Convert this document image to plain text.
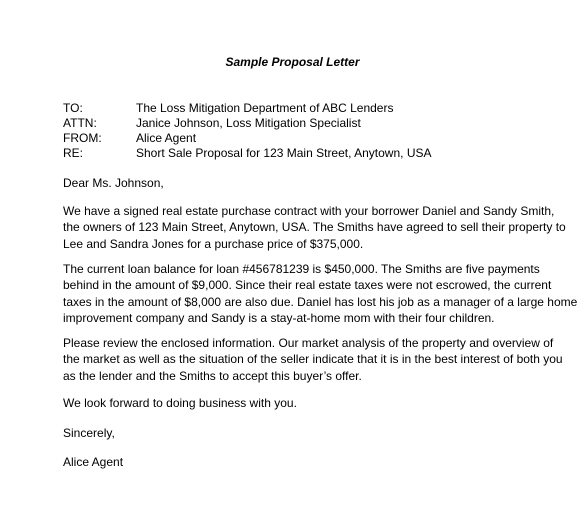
Sample Proposal Letter
TO:	The Loss Mitigation Department of ABC Lenders
ATTN:	Janice Johnson, Loss Mitigation Specialist
FROM:	Alice Agent
RE:	Short Sale Proposal for 123 Main Street, Anytown, USA
Dear Ms. Johnson,
We have a signed real estate purchase contract with your borrower Daniel and Sandy Smith,
the owners of 123 Main Street, Anytown, USA. The Smiths have agreed to sell their property to
Lee and Sandra Jones for a purchase price of $375,000.
The current loan balance for loan #456781239 is $450,000. The Smiths are five payments
behind in the amount of $9,000. Since their real estate taxes were not escrowed, the current
taxes in the amount of $8,000 are also due. Daniel has lost his job as a manager of a large home
improvement company and Sandy is a stay-at-home mom with their four children.
Please review the enclosed information. Our market analysis of the property and overview of
the market as well as the situation of the seller indicate that it is in the best interest of both you
as the lender and the Smiths to accept this buyer’s offer.
We look forward to doing business with you.
Sincerely,
Alice Agent
